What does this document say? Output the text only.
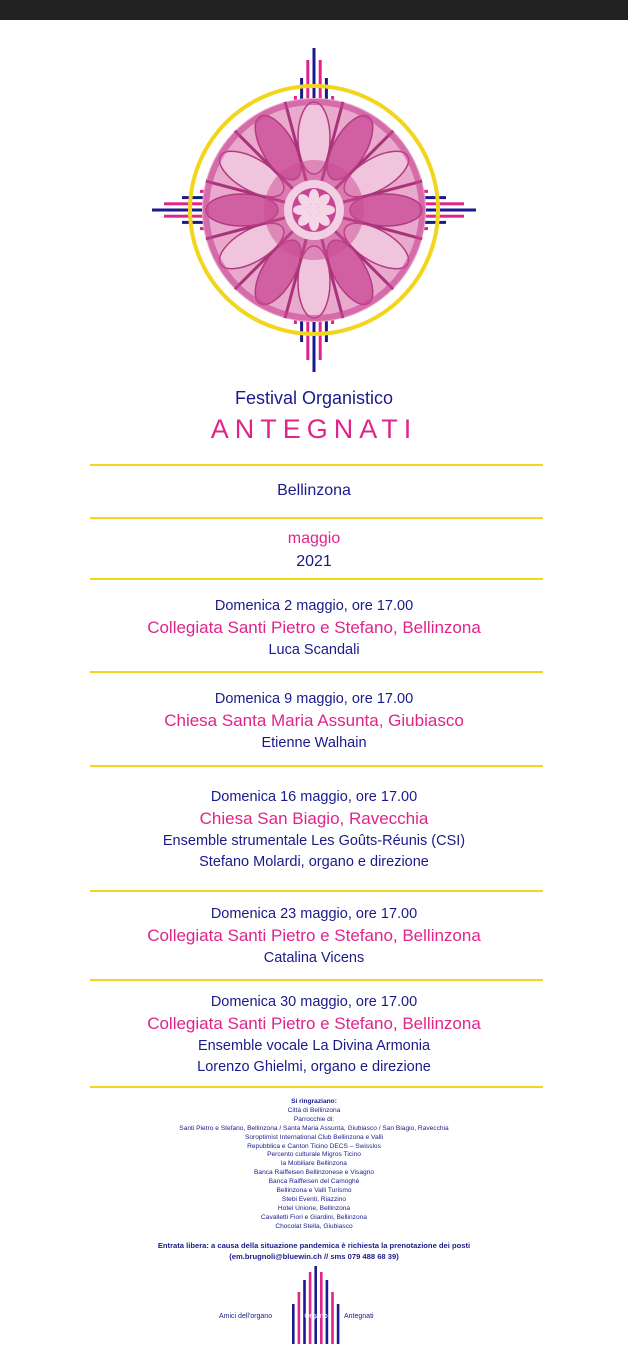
Festival Organistico
ANTEGNATI
Bellinzona
maggio
2021
Domenica 2 maggio, ore 17.00
Collegiata Santi Pietro e Stefano, Bellinzona
Luca Scandali
Domenica 9 maggio, ore 17.00
Chiesa Santa Maria Assunta, Giubiasco
Etienne Walhain
Domenica 16 maggio, ore 17.00
Chiesa San Biagio, Ravecchia
Ensemble strumentale Les Goûts-Réunis (CSI)
Stefano Molardi, organo e direzione
Domenica 23 maggio, ore 17.00
Collegiata Santi Pietro e Stefano, Bellinzona
Catalina Vicens
Domenica 30 maggio, ore 17.00
Collegiata Santi Pietro e Stefano, Bellinzona
Ensemble vocale La Divina Armonia
Lorenzo Ghielmi, organo e direzione
Si ringraziano:
Città di Bellinzona
Parrocchie di:
Santi Pietro e Stefano, Bellinzona / Santa Maria Assunta, Giubiasco / San Biagio, Ravecchia
Soroptimist International Club Bellinzona e Valli
Repubblica e Canton Ticino DECS – Swisslos
Percento culturale Migros Ticino
la Mobiliare Bellinzona
Banca Raiffeisen Bellinzonese e Visagno
Banca Raiffeisen del Camoghè
Bellinzona e Valli Turismo
Stebi Eventi, Riazzino
Hotel Unione, Bellinzona
Cavalletti Fiori e Giardini, Bellinzona
Chocolat Stella, Giubiasco
Entrata libera: a causa della situazione pandemica è richiesta la prenotazione dei posti
(em.brugnoli@bluewin.ch // sms 079 488 68 39)
Amici dell'organo	Organo	Antegnati
